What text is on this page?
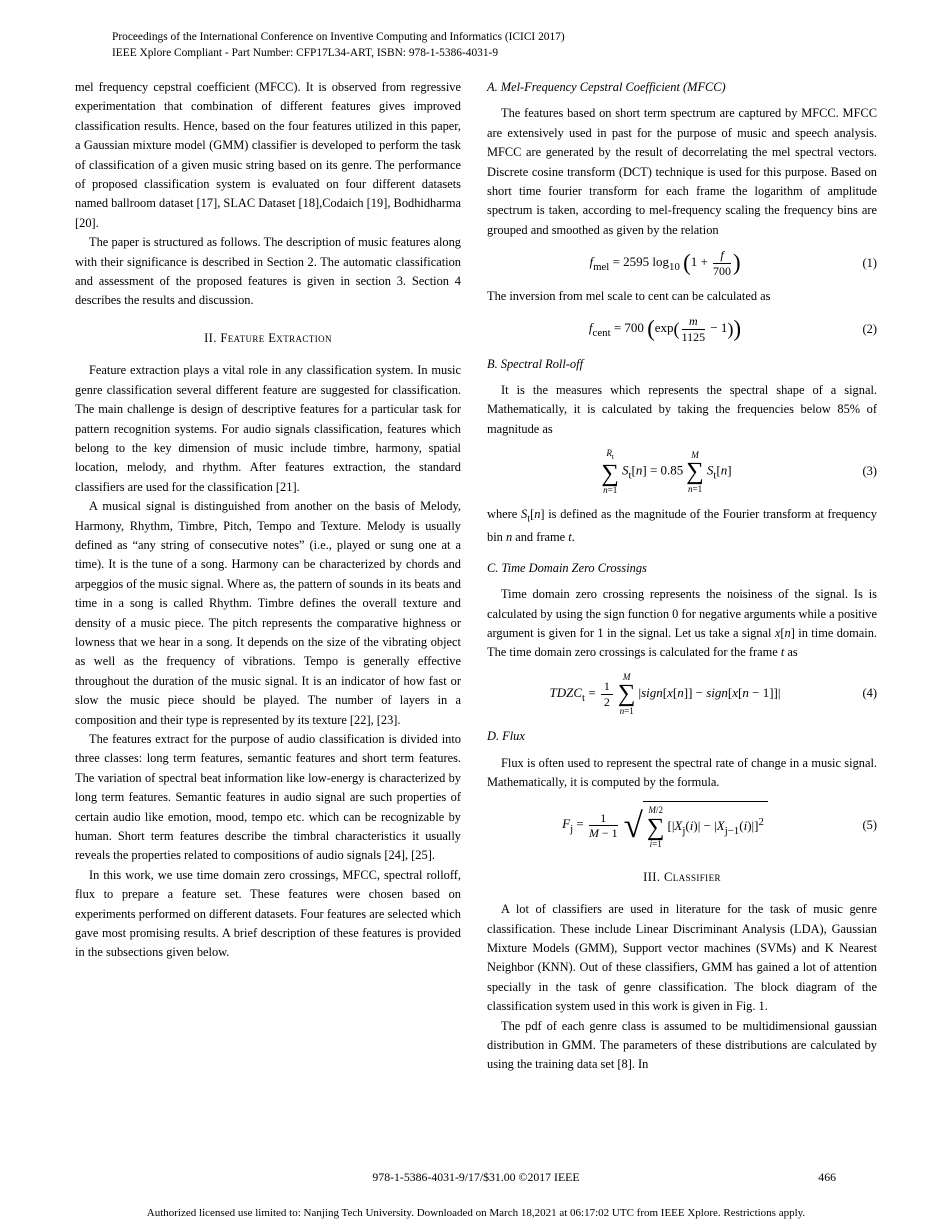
Proceedings of the International Conference on Inventive Computing and Informatics (ICICI 2017)
IEEE Xplore Compliant - Part Number: CFP17L34-ART, ISBN: 978-1-5386-4031-9

mel frequency cepstral coefficient (MFCC). It is observed from regressive experimentation that combination of different features gives improved classification results. Hence, based on the four features utilized in this paper, a Gaussian mixture model (GMM) classifier is developed to perform the task of classification of a given music string based on its genre. The performance of proposed classification system is evaluated on four different datasets named ballroom dataset [17], SLAC Dataset [18],Codaich [19], Bodhidharma [20].

The paper is structured as follows. The description of music features along with their significance is described in Section 2. The automatic classification and assessment of the proposed features is given in section 3. Section 4 describes the results and discussion.

II. Feature Extraction

Feature extraction plays a vital role in any classification system. In music genre classification several different feature are suggested for classification. The main challenge is design of descriptive features for a particular task for pattern recognition systems. For audio signals classification, features which belong to the key dimension of music include timbre, harmony, spatial location, melody, and rhythm. After features extraction, the standard classifiers are used for the classification [21].

A musical signal is distinguished from another on the basis of Melody, Harmony, Rhythm, Timbre, Pitch, Tempo and Texture. Melody is usually defined as “any string of consecutive notes” (i.e., played or sung one at a time). It is the tune of a song. Harmony can be characterized by chords and arpeggios of the music signal. Where as, the pattern of sounds in its beats and time in a song is called Rhythm. Timbre defines the overall texture and density of a music piece. The pitch represents the comparative highness or lowness that we hear in a song. It depends on the size of the vibrating object as well as the frequency of vibrations. Tempo is generally effective throughout the duration of the music signal. It is an indicator of how fast or slow the music piece should be played. The number of layers in a composition and their type is represented by its texture [22], [23].

The features extract for the purpose of audio classification is divided into three classes: long term features, semantic features and short term features. The variation of spectral beat information like low-energy is characterized by long term features. Semantic features in audio signal are such properties of certain audio like emotion, mood, tempo etc. which can be recognizable by human. Short term features describe the timbral characteristics it usually reveals the properties related to compositions of audio signals [24], [25].

In this work, we use time domain zero crossings, MFCC, spectral rolloff, flux to prepare a feature set. These features were chosen based on experiments performed on different datasets. Four features are selected which gave most promising results. A brief description of these features is provided in the subsections given below.

A. Mel-Frequency Cepstral Coefficient (MFCC)

The features based on short term spectrum are captured by MFCC. MFCC are extensively used in past for the purpose of music and speech analysis. MFCC are generated by the result of decorrelating the mel spectral vectors. Discrete cosine transform (DCT) technique is used for this purpose. Based on short time fourier transform for each frame the logarithm of amplitude spectrum is taken, according to mel-frequency scaling the frequency bins are grouped and smoothed as given by the relation

$f_{mel} = 2595$ $\log_{10} (1 + \frac{f}{700}$ )	(1)

The inversion from mel scale to cent can be calculated as

$f_{cent} = 700$ $(\exp( \frac{m}{1125} - 1))$	(2)
B. Spectral Roll-off

It is the measures which represents the spectral shape of a signal. Mathematically, it is calculated by taking the frequencies below 85% of magnitude as

$R_t$
∑
n=1
$S_t[n] = 0.85$
M
∑
n=1
$S_t[n]$	(3)

where $S_t[n]$ is defined as the magnitude of the Fourier transform at frequency bin n and frame t.

C. Time Domain Zero Crossings

Time domain zero crossing represents the noisiness of the signal. Is is calculated by using the sign function 0 for negative arguments while a positive argument is given for 1 in the signal. Let us take a signal x[n] in time domain. The time domain zero crossings is calculated for the frame t as

$TDZC_t = \frac{1}{2}$
M
∑
n=1
|sign[x[n]] − sign[x[n − 1]]|	(4)
D. Flux

Flux is often used to represent the spectral rate of change in a music signal. Mathematically, it is computed by the formula.

$F_j = \frac{1}{M - 1}$ √ M/2
∑
i=1
$[|X_j(i)| - |X_{j-1}(i)|]^2$	(5)
III. Classifier

A lot of classifiers are used in literature for the task of music genre classification. These include Linear Discriminant Analysis (LDA), Gaussian Mixture Models (GMM), Support vector machines (SVMs) and K Nearest Neighbor (KNN). Out of these classifiers, GMM has gained a lot of attention specially in the task of genre classification. The block diagram of the classification system used in this work is given in Fig. 1.

The pdf of each genre class is assumed to be multidimensional gaussian distribution in GMM. The parameters of these distributions are calculated by using the training data set [8]. In

978-1-5386-4031-9/17/$31.00 ©2017 IEEE	466
Authorized licensed use limited to: Nanjing Tech University. Downloaded on March 18,2021 at 06:17:02 UTC from IEEE Xplore. Restrictions apply.
